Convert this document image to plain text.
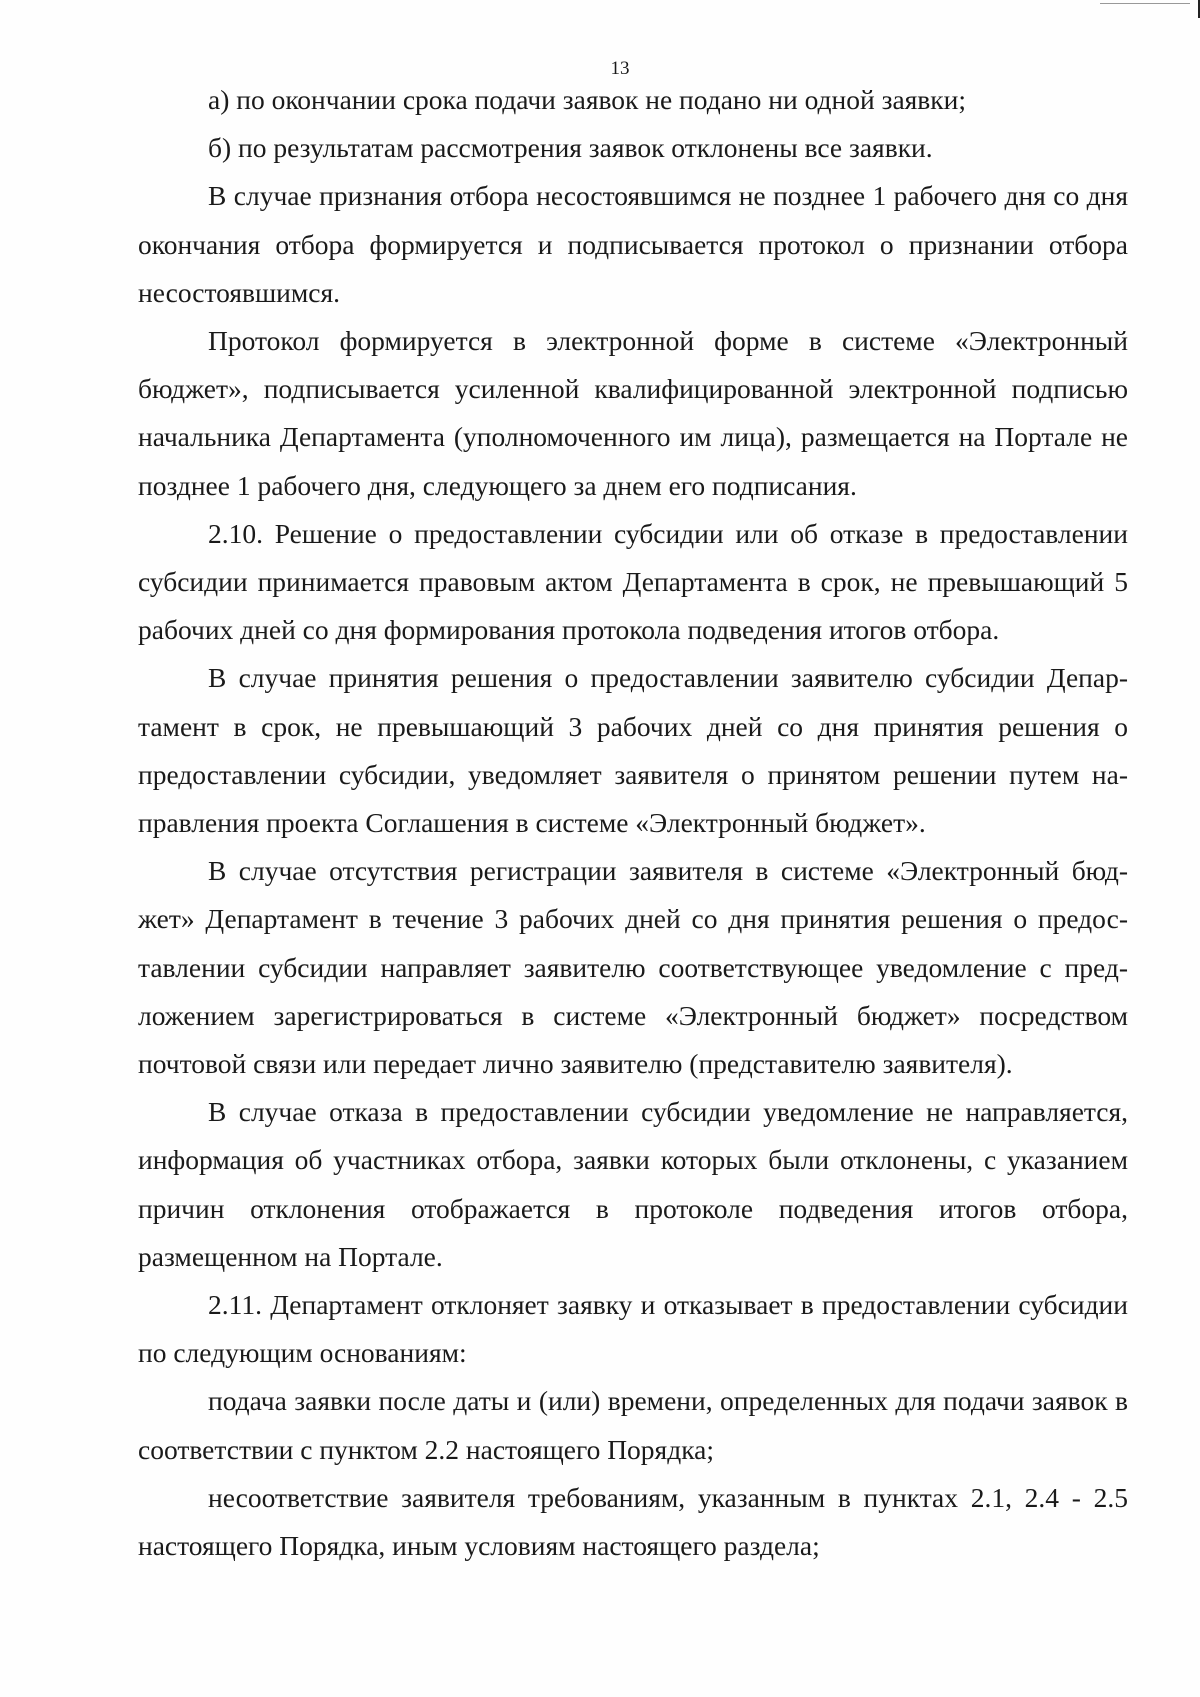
13

а) по окончании срока подачи заявок не подано ни одной заявки;

б) по результатам рассмотрения заявок отклонены все заявки.

В случае признания отбора несостоявшимся не позднее 1 рабочего дня со дня окончания отбора формируется и подписывается протокол о признании отбора несостоявшимся.

Протокол формируется в электронной форме в системе «Электронный бюджет», подписывается усиленной квалифицированной электронной подписью начальника Департамента (уполномоченного им лица), размещается на Портале не позднее 1 рабочего дня, следующего за днем его подписания.

2.10. Решение о предоставлении субсидии или об отказе в предоставлении субсидии принимается правовым актом Департамента в срок, не превышающий 5 рабочих дней со дня формирования протокола подведения итогов отбора.

В случае принятия решения о предоставлении заявителю субсидии Департамент в срок, не превышающий 3 рабочих дней со дня принятия решения о предоставлении субсидии, уведомляет заявителя о принятом решении путем направления проекта Соглашения в системе «Электронный бюджет».

В случае отсутствия регистрации заявителя в системе «Электронный бюджет» Департамент в течение 3 рабочих дней со дня принятия решения о предоставлении субсидии направляет заявителю соответствующее уведомление с предложением зарегистрироваться в системе «Электронный бюджет» посредством почтовой связи или передает лично заявителю (представителю заявителя).

В случае отказа в предоставлении субсидии уведомление не направляется, информация об участниках отбора, заявки которых были отклонены, с указанием причин отклонения отображается в протоколе подведения итогов отбора, размещенном на Портале.

2.11. Департамент отклоняет заявку и отказывает в предоставлении субсидии по следующим основаниям:

подача заявки после даты и (или) времени, определенных для подачи заявок в соответствии с пунктом 2.2 настоящего Порядка;

несоответствие заявителя требованиям, указанным в пунктах 2.1, 2.4 - 2.5 настоящего Порядка, иным условиям настоящего раздела;
